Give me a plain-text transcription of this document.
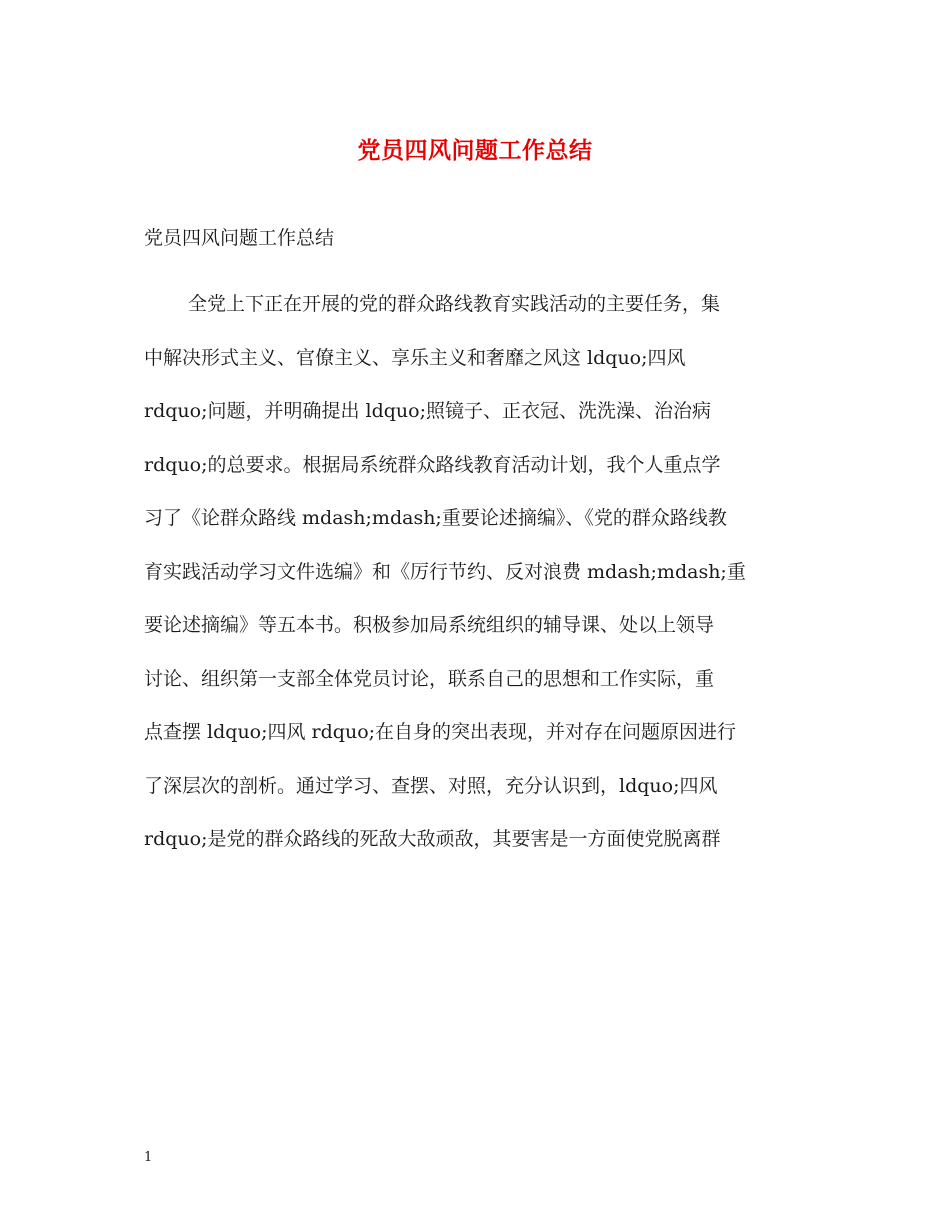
党员四风问题工作总结

党员四风问题工作总结

全党上下正在开展的党的群众路线教育实践活动的主要任务，集
中解决形式主义、官僚主义、享乐主义和奢靡之风这 ldquo;四风
rdquo;问题，并明确提出 ldquo;照镜子、正衣冠、洗洗澡、治治病
rdquo;的总要求。根据局系统群众路线教育活动计划，我个人重点学
习了《论群众路线 mdash;mdash;重要论述摘编》、《党的群众路线教
育实践活动学习文件选编》和《厉行节约、反对浪费 mdash;mdash;重
要论述摘编》等五本书。积极参加局系统组织的辅导课、处以上领导
讨论、组织第一支部全体党员讨论，联系自己的思想和工作实际，重
点查摆 ldquo;四风 rdquo;在自身的突出表现，并对存在问题原因进行
了深层次的剖析。通过学习、查摆、对照，充分认识到，ldquo;四风
rdquo;是党的群众路线的死敌大敌顽敌，其要害是一方面使党脱离群

1
